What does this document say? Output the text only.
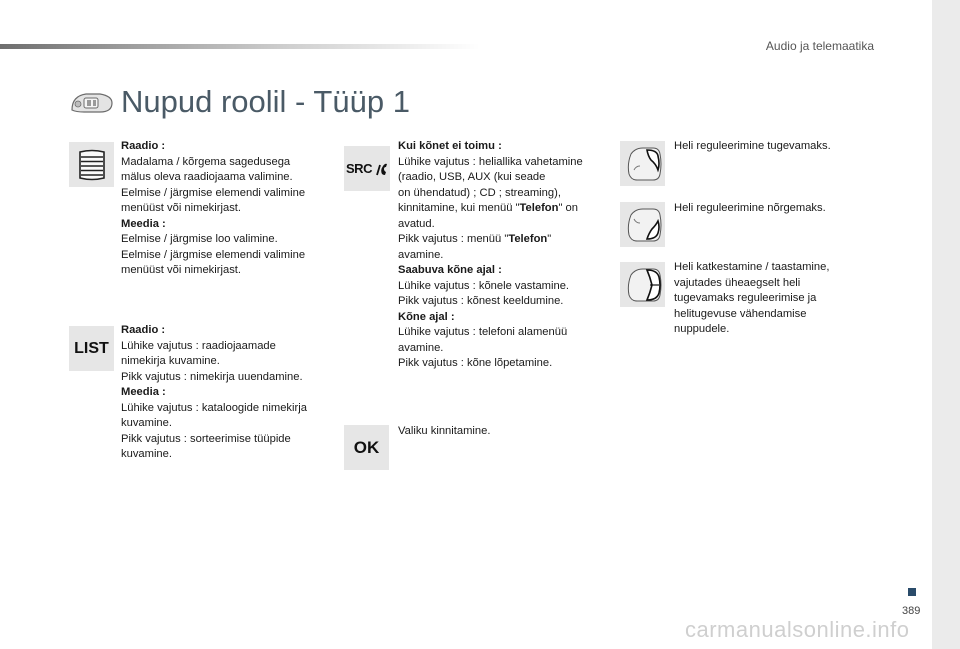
Audio ja telemaatika
Nupud roolil - Tüüp 1
LIST
Raadio :
Madalama / kõrgema sagedusega
mälus oleva raadiojaama valimine.
Eelmise / järgmise elemendi valimine
menüüst või nimekirjast.
Meedia :
Eelmise / järgmise loo valimine.
Eelmise / järgmise elemendi valimine
menüüst või nimekirjast.
Raadio :
Lühike vajutus : raadiojaamade
nimekirja kuvamine.
Pikk vajutus : nimekirja uuendamine.
Meedia :
Lühike vajutus : kataloogide nimekirja
kuvamine.
Pikk vajutus : sorteerimise tüüpide
kuvamine.
SRC
OK
Kui kõnet ei toimu :
Lühike vajutus : heliallika vahetamine
(raadio, USB, AUX (kui seade
on ühendatud) ; CD ; streaming),
kinnitamine, kui menüü "Telefon" on
avatud.
Pikk vajutus : menüü "Telefon"
avamine.
Saabuva kõne ajal :
Lühike vajutus : kõnele vastamine.
Pikk vajutus : kõnest keeldumine.
Kõne ajal :
Lühike vajutus : telefoni alamenüü
avamine.
Pikk vajutus : kõne lõpetamine.
Valiku kinnitamine.
Heli reguleerimine tugevamaks.
Heli reguleerimine nõrgemaks.
Heli katkestamine / taastamine,
vajutades üheaegselt heli
tugevamaks reguleerimise ja
helitugevuse vähendamise
nuppudele.
389
carmanualsonline.info
